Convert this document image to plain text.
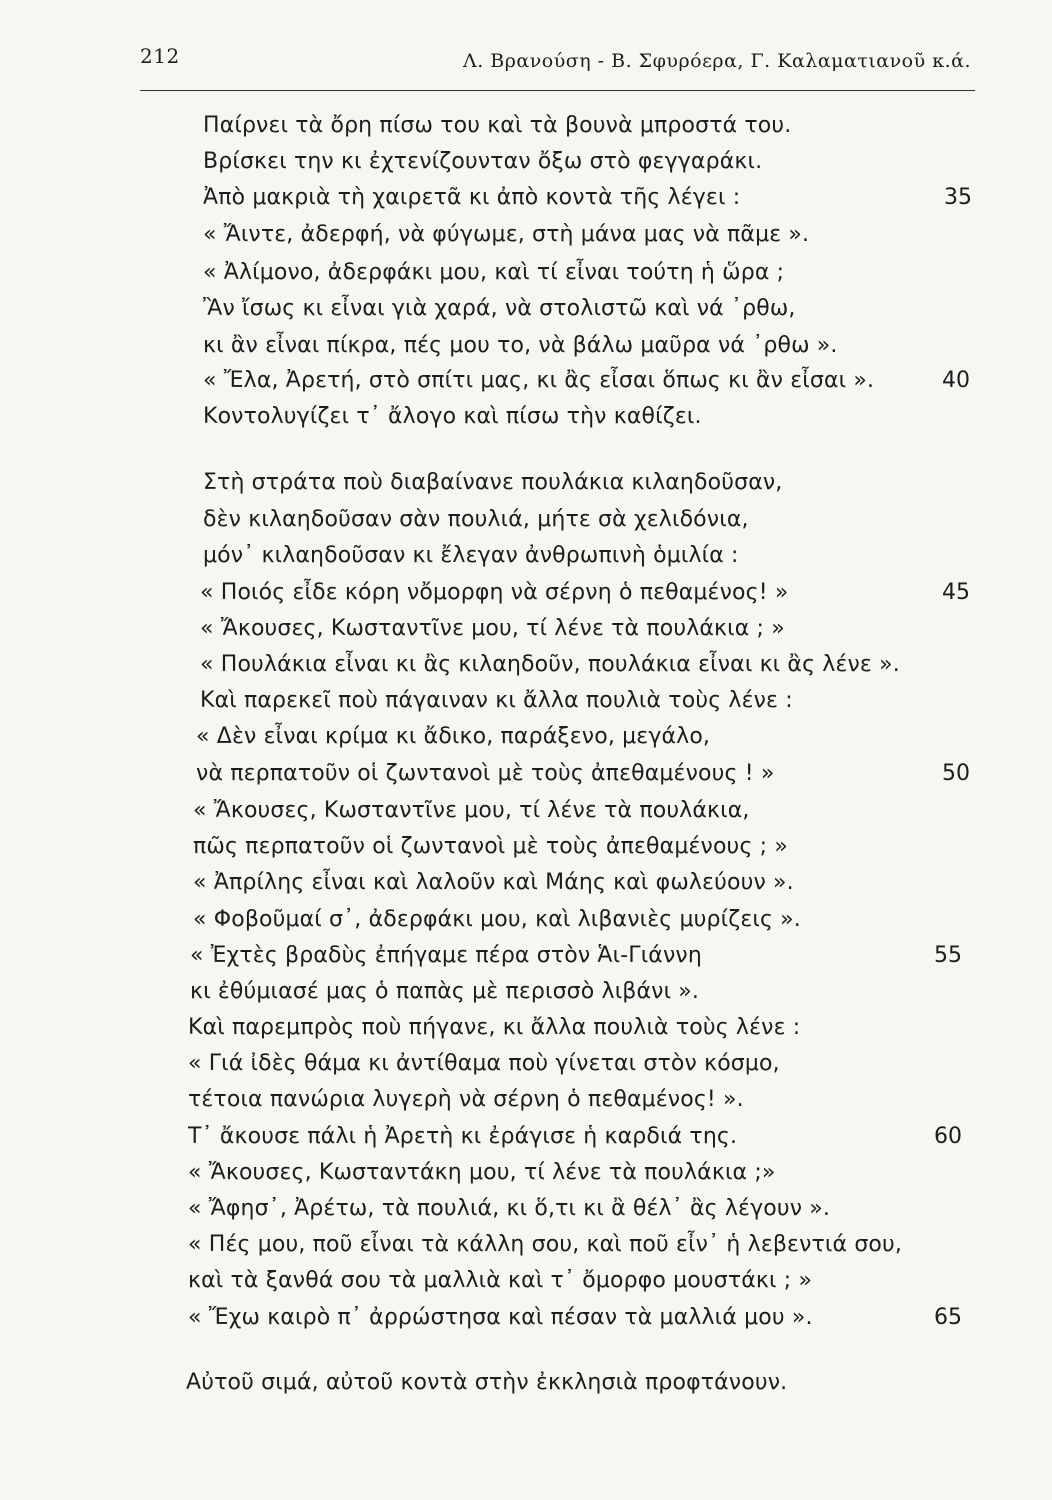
212	Λ. Βρανούση - Β. Σφυρόερα, Γ. Καλαματιανοῦ κ.ά.
Παίρνει τὰ ὄρη πίσω του καὶ τὰ βουνὰ μπροστά του.
Βρίσκει την κι ἐχτενίζουνταν ὄξω στὸ φεγγαράκι.
Ἀπὸ μακριὰ τὴ χαιρετᾶ κι ἀπὸ κοντὰ τῆς λέγει :
« Ἄιντε, ἀδερφή, νὰ φύγωμε, στὴ μάνα μας νὰ πᾶμε ».
« Ἀλίμονο, ἀδερφάκι μου, καὶ τί εἶναι τούτη ἡ ὥρα ;
Ἂν ἴσως κι εἶναι γιὰ χαρά, νὰ στολιστῶ καὶ νά ᾿ρθω,
κι ἂν εἶναι πίκρα, πές μου το, νὰ βάλω μαῦρα νά ᾿ρθω ».
« Ἔλα, Ἀρετή, στὸ σπίτι μας, κι ἂς εἶσαι ὅπως κι ἂν εἶσαι ».
Κοντολυγίζει τ᾿ ἄλογο καὶ πίσω τὴν καθίζει.
Στὴ στράτα ποὺ διαβαίνανε πουλάκια κιλαηδοῦσαν,
δὲν κιλαηδοῦσαν σὰν πουλιά, μήτε σὰ χελιδόνια,
μόν᾿ κιλαηδοῦσαν κι ἔλεγαν ἀνθρωπινὴ ὁμιλία :
« Ποιός εἶδε κόρη νὄμορφη νὰ σέρνη ὁ πεθαμένος! »
« Ἄκουσες, Κωσταντῖνε μου, τί λένε τὰ πουλάκια ; »
« Πουλάκια εἶναι κι ἂς κιλαηδοῦν, πουλάκια εἶναι κι ἂς λένε ».
Καὶ παρεκεῖ ποὺ πάγαιναν κι ἄλλα πουλιὰ τοὺς λένε :
« Δὲν εἶναι κρίμα κι ἄδικο, παράξενο, μεγάλο,
νὰ περπατοῦν οἱ ζωντανοὶ μὲ τοὺς ἀπεθαμένους ! »
« Ἄκουσες, Κωσταντῖνε μου, τί λένε τὰ πουλάκια,
πῶς περπατοῦν οἱ ζωντανοὶ μὲ τοὺς ἀπεθαμένους ; »
« Ἀπρίλης εἶναι καὶ λαλοῦν καὶ Μάης καὶ φωλεύουν ».
« Φοβοῦμαί σ᾿, ἀδερφάκι μου, καὶ λιβανιὲς μυρίζεις ».
« Ἐχτὲς βραδὺς ἐπήγαμε πέρα στὸν Ἁι-Γιάννη
κι ἐθύμιασέ μας ὁ παπὰς μὲ περισσὸ λιβάνι ».
Καὶ παρεμπρὸς ποὺ πήγανε, κι ἄλλα πουλιὰ τοὺς λένε :
« Γιά ἰδὲς θάμα κι ἀντίθαμα ποὺ γίνεται στὸν κόσμο,
τέτοια πανώρια λυγερὴ νὰ σέρνη ὁ πεθαμένος! ».
Τ᾿ ἄκουσε πάλι ἡ Ἀρετὴ κι ἐράγισε ἡ καρδιά της.
« Ἄκουσες, Κωσταντάκη μου, τί λένε τὰ πουλάκια ;»
« Ἄφησ᾿, Ἀρέτω, τὰ πουλιά, κι ὅ,τι κι ἂ θέλ᾿ ἂς λέγουν ».
« Πές μου, ποῦ εἶναι τὰ κάλλη σου, καὶ ποῦ εἶν᾿ ἡ λεβεντιά σου,
καὶ τὰ ξανθά σου τὰ μαλλιὰ καὶ τ᾿ ὄμορφο μουστάκι ; »
« Ἔχω καιρὸ π᾿ ἀρρώστησα καὶ πέσαν τὰ μαλλιά μου ».
Αὐτοῦ σιμά, αὐτοῦ κοντὰ στὴν ἐκκλησιὰ προφτάνουν.
35
40
45
50
55
60
65
